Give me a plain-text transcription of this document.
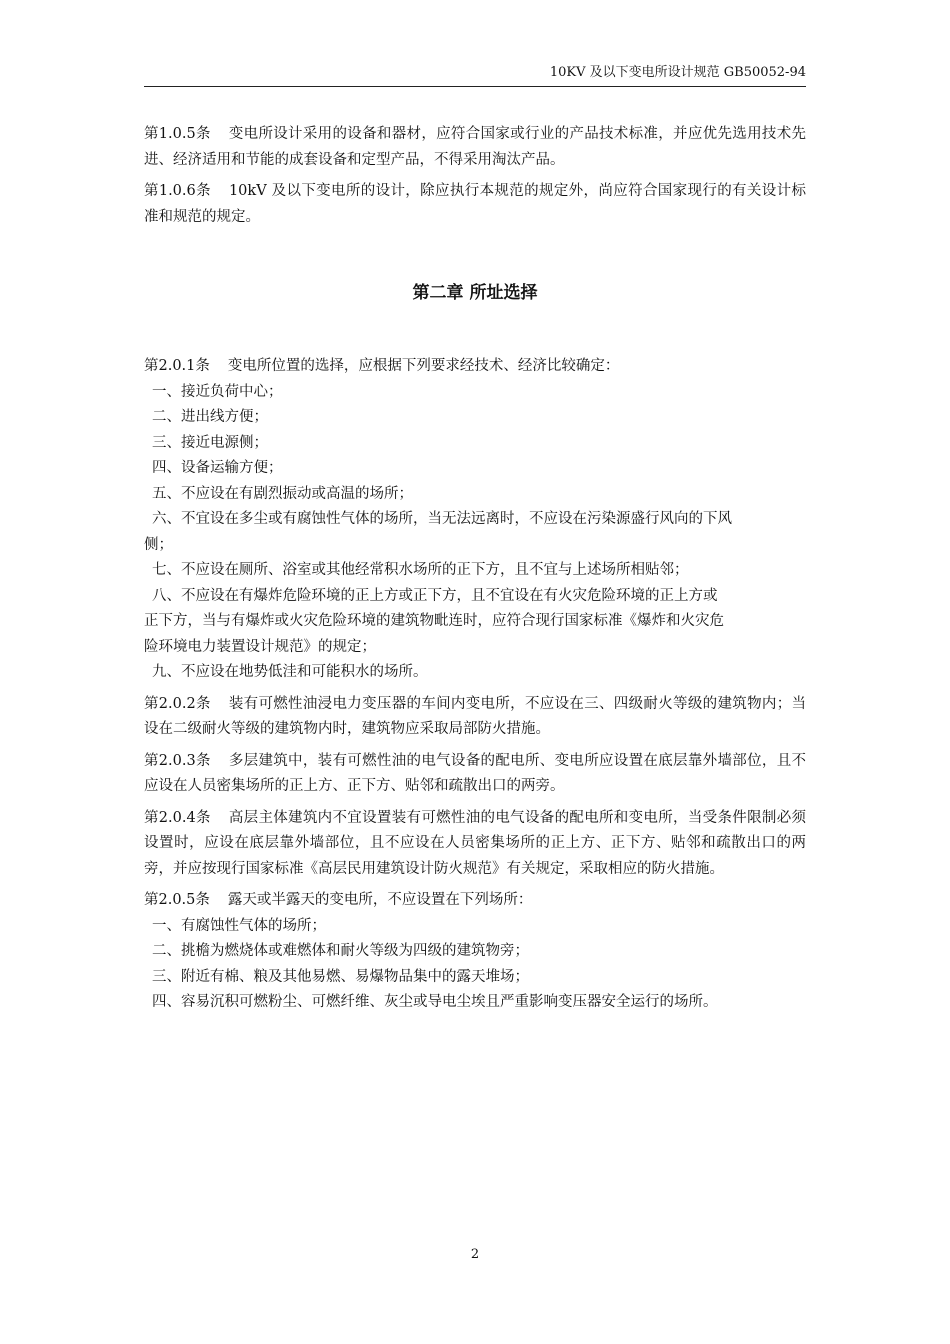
10KV 及以下变电所设计规范 GB50052-94

第1.0.5条 变电所设计采用的设备和器材，应符合国家或行业的产品技术标准，并应优先选用技术先进、经济适用和节能的成套设备和定型产品，不得采用淘汰产品。

第1.0.6条 10kV 及以下变电所的设计，除应执行本规范的规定外，尚应符合国家现行的有关设计标准和规范的规定。

第二章 所址选择

第2.0.1条 变电所位置的选择，应根据下列要求经技术、经济比较确定：

一、接近负荷中心；

二、进出线方便；

三、接近电源侧；

四、设备运输方便；

五、不应设在有剧烈振动或高温的场所；

六、不宜设在多尘或有腐蚀性气体的场所，当无法远离时，不应设在污染源盛行风向的下风

侧；

七、不应设在厕所、浴室或其他经常积水场所的正下方，且不宜与上述场所相贴邻；

八、不应设在有爆炸危险环境的正上方或正下方，且不宜设在有火灾危险环境的正上方或

正下方，当与有爆炸或火灾危险环境的建筑物毗连时，应符合现行国家标准《爆炸和火灾危

险环境电力装置设计规范》的规定；

九、不应设在地势低洼和可能积水的场所。

第2.0.2条 装有可燃性油浸电力变压器的车间内变电所，不应设在三、四级耐火等级的建筑物内；当设在二级耐火等级的建筑物内时，建筑物应采取局部防火措施。

第2.0.3条 多层建筑中，装有可燃性油的电气设备的配电所、变电所应设置在底层靠外墙部位，且不应设在人员密集场所的正上方、正下方、贴邻和疏散出口的两旁。

第2.0.4条 高层主体建筑内不宜设置装有可燃性油的电气设备的配电所和变电所，当受条件限制必须设置时，应设在底层靠外墙部位，且不应设在人员密集场所的正上方、正下方、贴邻和疏散出口的两旁，并应按现行国家标准《高层民用建筑设计防火规范》有关规定，采取相应的防火措施。

第2.0.5条 露天或半露天的变电所，不应设置在下列场所：

一、有腐蚀性气体的场所；

二、挑檐为燃烧体或难燃体和耐火等级为四级的建筑物旁；

三、附近有棉、粮及其他易燃、易爆物品集中的露天堆场；

四、容易沉积可燃粉尘、可燃纤维、灰尘或导电尘埃且严重影响变压器安全运行的场所。

2
